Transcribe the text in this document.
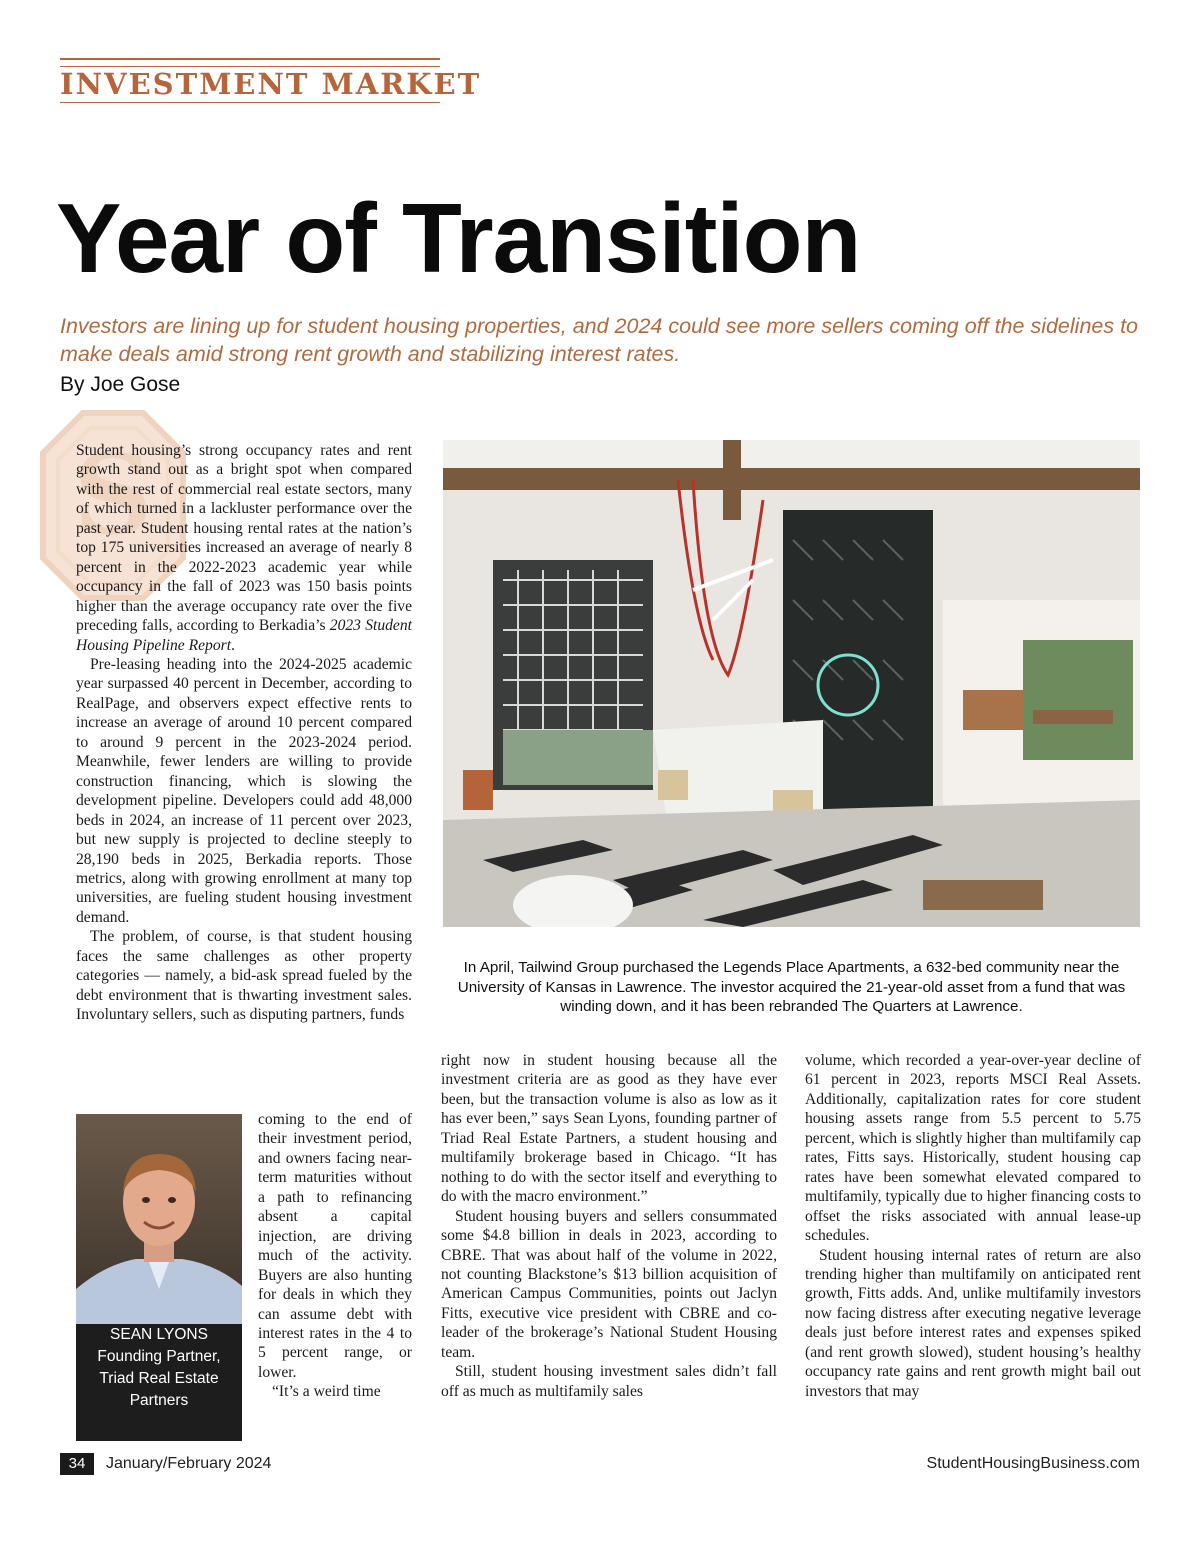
INVESTMENT MARKET
S
Year of Transition
Investors are lining up for student housing properties, and 2024 could see more sellers coming off the sidelines to make deals amid strong rent growth and stabilizing interest rates.
By Joe Gose

Student housing’s strong occupancy rates and rent growth stand out as a bright spot when compared with the rest of commercial real estate sectors, many of which turned in a lackluster performance over the past year. Student housing rental rates at the nation’s top 175 universities increased an average of nearly 8 percent in the 2022-2023 academic year while occupancy in the fall of 2023 was 150 basis points higher than the average occupancy rate over the five preceding falls, according to Berkadia’s 2023 Student Housing Pipeline Report.

Pre-leasing heading into the 2024-2025 academic year surpassed 40 percent in December, according to RealPage, and observers expect effective rents to increase an average of around 10 percent compared to around 9 percent in the 2023-2024 period. Meanwhile, fewer lenders are willing to provide construction financing, which is slowing the development pipeline. Developers could add 48,000 beds in 2024, an increase of 11 percent over 2023, but new supply is projected to decline steeply to 28,190 beds in 2025, Berkadia reports. Those metrics, along with growing enrollment at many top universities, are fueling student housing investment demand.

The problem, of course, is that student housing faces the same challenges as other property categories — namely, a bid-ask spread fueled by the debt environment that is thwarting investment sales. Involuntary sellers, such as disputing partners, funds

coming to the end of their investment period, and owners facing near-term maturities without a path to refinancing absent a capital injection, are driving much of the activity. Buyers are also hunting for deals in which they can assume debt with interest rates in the 4 to 5 percent range, or lower.

“It’s a weird time

SEAN LYONS
Founding Partner,
Triad Real Estate
Partners
In April, Tailwind Group purchased the Legends Place Apartments, a 632-bed community near the University of Kansas in Lawrence. The investor acquired the 21-year-old asset from a fund that was winding down, and it has been rebranded The Quarters at Lawrence.

right now in student housing because all the investment criteria are as good as they have ever been, but the transaction volume is also as low as it has ever been,” says Sean Lyons, founding partner of Triad Real Estate Partners, a student housing and multifamily brokerage based in Chicago. “It has nothing to do with the sector itself and everything to do with the macro environment.”

Student housing buyers and sellers consummated some $4.8 billion in deals in 2023, according to CBRE. That was about half of the volume in 2022, not counting Blackstone’s $13 billion acquisition of American Campus Communities, points out Jaclyn Fitts, executive vice president with CBRE and co-leader of the brokerage’s National Student Housing team.

Still, student housing investment sales didn’t fall off as much as multifamily sales

volume, which recorded a year-over-year decline of 61 percent in 2023, reports MSCI Real Assets. Additionally, capitalization rates for core student housing assets range from 5.5 percent to 5.75 percent, which is slightly higher than multifamily cap rates, Fitts says. Historically, student housing cap rates have been somewhat elevated compared to multifamily, typically due to higher financing costs to offset the risks associated with annual lease-up schedules.

Student housing internal rates of return are also trending higher than multifamily on anticipated rent growth, Fitts adds. And, unlike multifamily investors now facing distress after executing negative leverage deals just before interest rates and expenses spiked (and rent growth slowed), student housing’s healthy occupancy rate gains and rent growth might bail out investors that may

34	January/February 2024	StudentHousingBusiness.com
